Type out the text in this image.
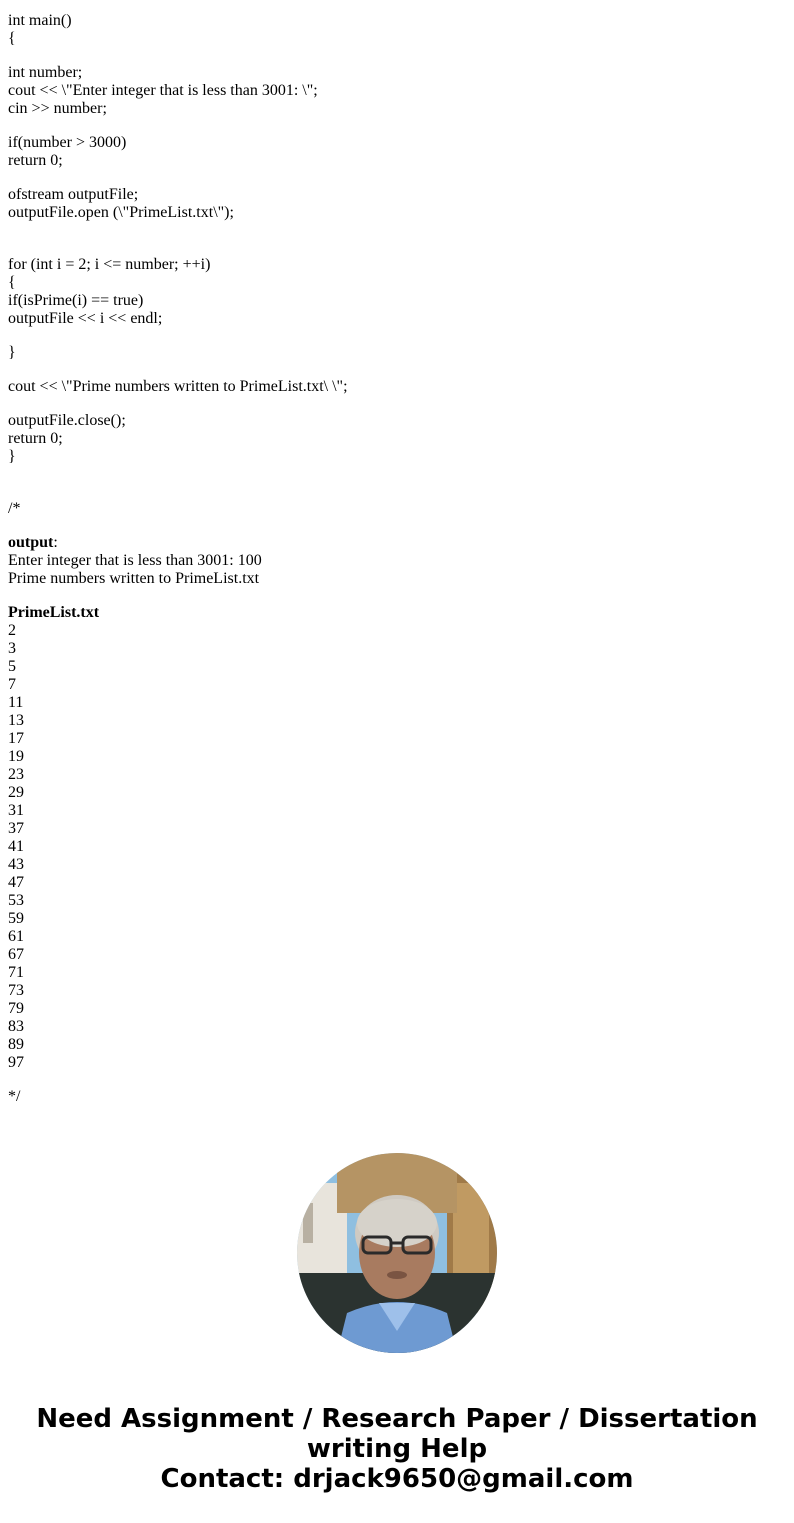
int main()
{
int number;
cout << \"Enter integer that is less than 3001: \";
cin >> number;
if(number > 3000)
return 0;
ofstream outputFile;
outputFile.open (\"PrimeList.txt\");
for (int i = 2; i <= number; ++i)
{
if(isPrime(i) == true)
outputFile << i << endl;
}
cout << \"Prime numbers written to PrimeList.txt\ \";
outputFile.close();
return 0;
}
/*
output:
Enter integer that is less than 3001: 100
Prime numbers written to PrimeList.txt
PrimeList.txt
2
3
5
7
11
13
17
19
23
29
31
37
41
43
47
53
59
61
67
71
73
79
83
89
97
*/
Need Assignment / Research Paper / Dissertation
writing Help
Contact: drjack9650@gmail.com
